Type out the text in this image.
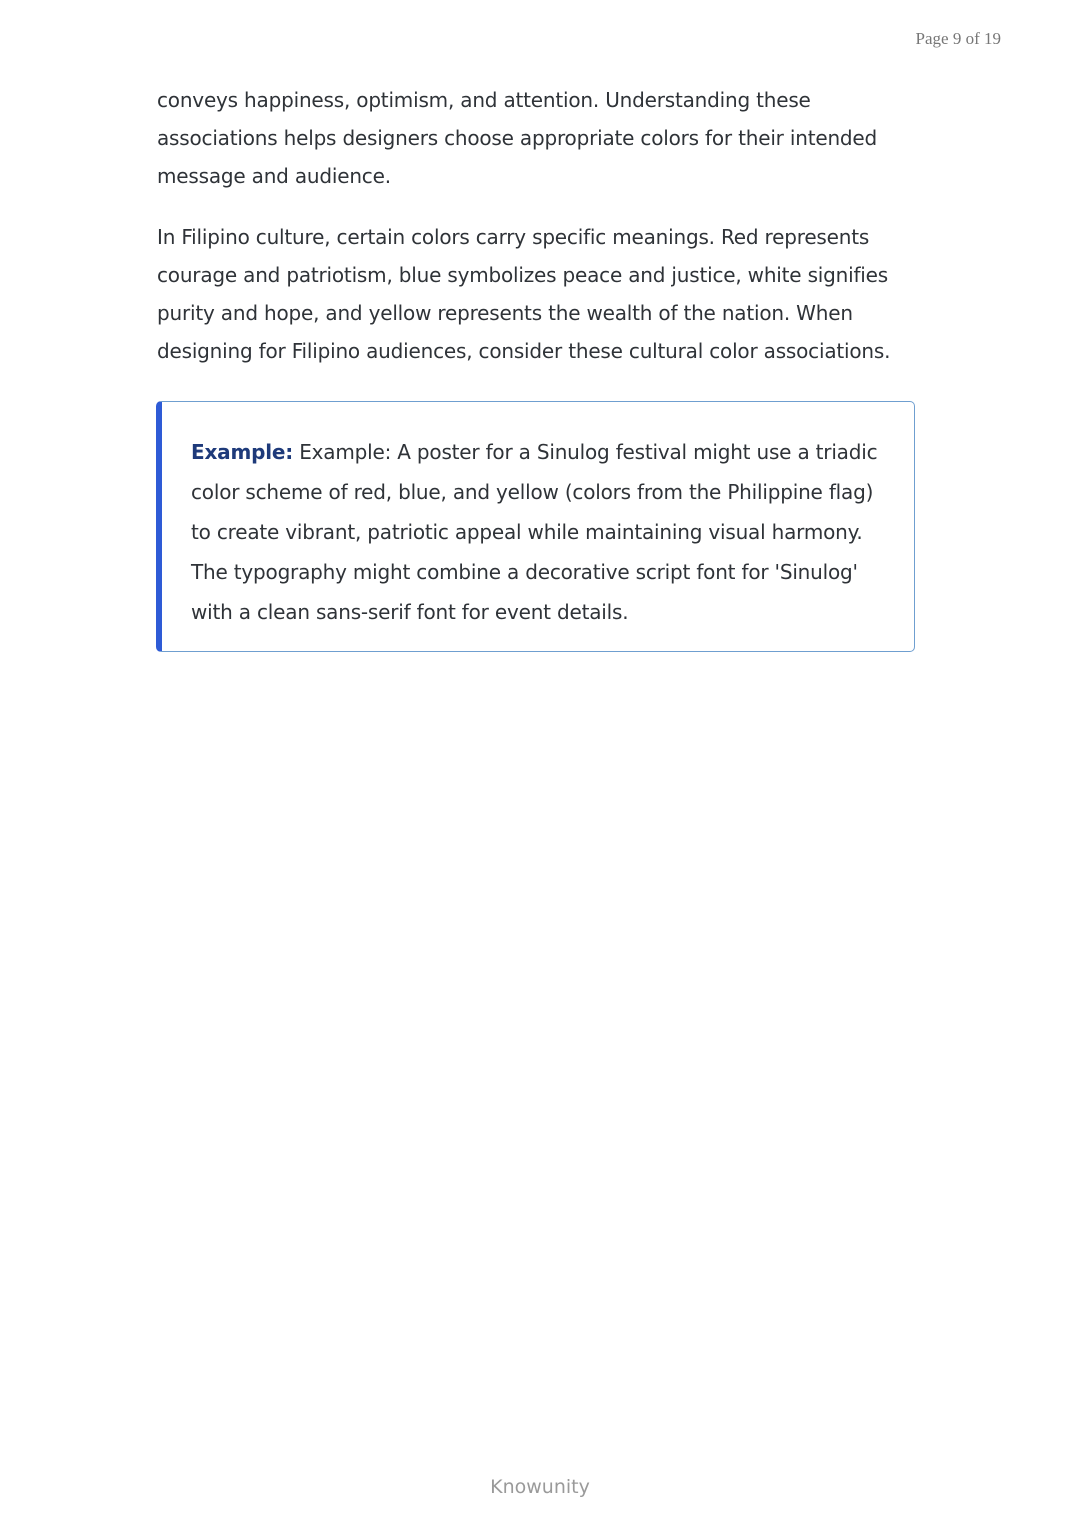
Page 9 of 19

conveys happiness, optimism, and attention. Understanding these associations helps designers choose appropriate colors for their intended message and audience.

In Filipino culture, certain colors carry specific meanings. Red represents courage and patriotism, blue symbolizes peace and justice, white signifies purity and hope, and yellow represents the wealth of the nation. When designing for Filipino audiences, consider these cultural color associations.

Example: Example: A poster for a Sinulog festival might use a triadic color scheme of red, blue, and yellow (colors from the Philippine flag) to create vibrant, patriotic appeal while maintaining visual harmony. The typography might combine a decorative script font for 'Sinulog' with a clean sans-serif font for event details.

Knowunity
